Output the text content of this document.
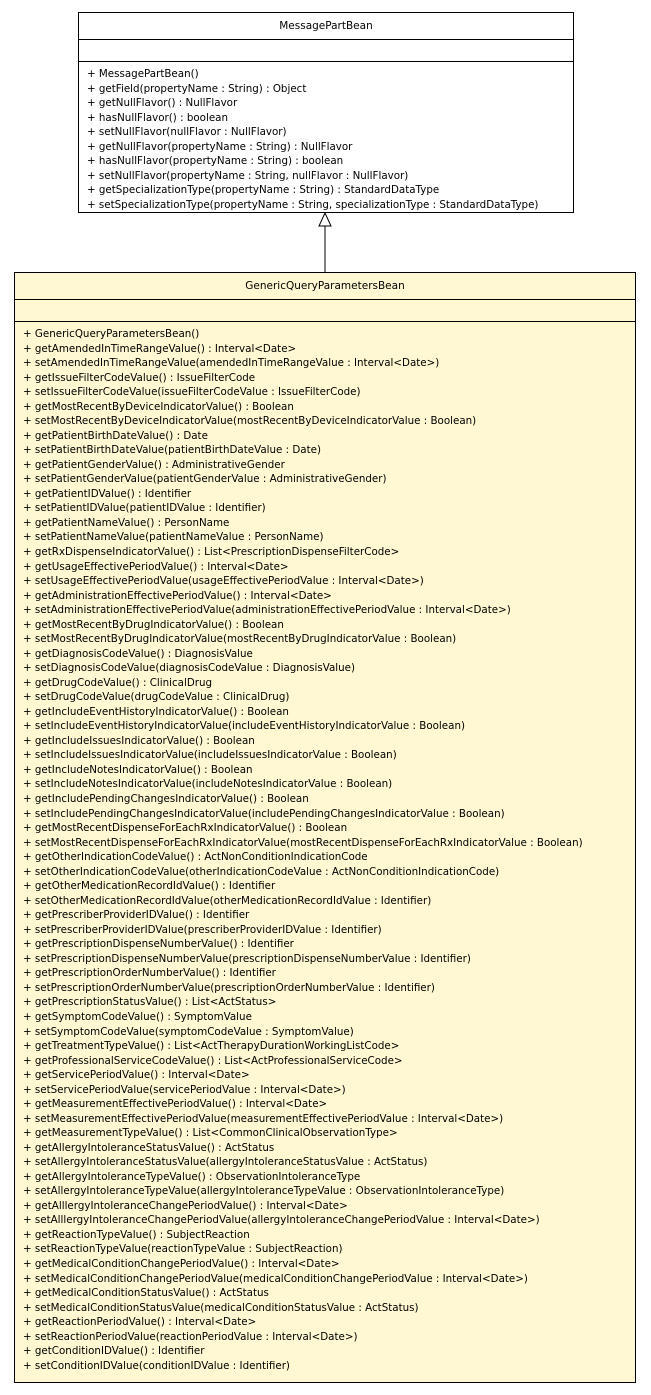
MessagePartBean
+ MessagePartBean()
+ getField(propertyName : String) : Object
+ getNullFlavor() : NullFlavor
+ hasNullFlavor() : boolean
+ setNullFlavor(nullFlavor : NullFlavor)
+ getNullFlavor(propertyName : String) : NullFlavor
+ hasNullFlavor(propertyName : String) : boolean
+ setNullFlavor(propertyName : String, nullFlavor : NullFlavor)
+ getSpecializationType(propertyName : String) : StandardDataType
+ setSpecializationType(propertyName : String, specializationType : StandardDataType)
GenericQueryParametersBean
+ GenericQueryParametersBean()
+ getAmendedInTimeRangeValue() : Interval<Date>
+ setAmendedInTimeRangeValue(amendedInTimeRangeValue : Interval<Date>)
+ getIssueFilterCodeValue() : IssueFilterCode
+ setIssueFilterCodeValue(issueFilterCodeValue : IssueFilterCode)
+ getMostRecentByDeviceIndicatorValue() : Boolean
+ setMostRecentByDeviceIndicatorValue(mostRecentByDeviceIndicatorValue : Boolean)
+ getPatientBirthDateValue() : Date
+ setPatientBirthDateValue(patientBirthDateValue : Date)
+ getPatientGenderValue() : AdministrativeGender
+ setPatientGenderValue(patientGenderValue : AdministrativeGender)
+ getPatientIDValue() : Identifier
+ setPatientIDValue(patientIDValue : Identifier)
+ getPatientNameValue() : PersonName
+ setPatientNameValue(patientNameValue : PersonName)
+ getRxDispenseIndicatorValue() : List<PrescriptionDispenseFilterCode>
+ getUsageEffectivePeriodValue() : Interval<Date>
+ setUsageEffectivePeriodValue(usageEffectivePeriodValue : Interval<Date>)
+ getAdministrationEffectivePeriodValue() : Interval<Date>
+ setAdministrationEffectivePeriodValue(administrationEffectivePeriodValue : Interval<Date>)
+ getMostRecentByDrugIndicatorValue() : Boolean
+ setMostRecentByDrugIndicatorValue(mostRecentByDrugIndicatorValue : Boolean)
+ getDiagnosisCodeValue() : DiagnosisValue
+ setDiagnosisCodeValue(diagnosisCodeValue : DiagnosisValue)
+ getDrugCodeValue() : ClinicalDrug
+ setDrugCodeValue(drugCodeValue : ClinicalDrug)
+ getIncludeEventHistoryIndicatorValue() : Boolean
+ setIncludeEventHistoryIndicatorValue(includeEventHistoryIndicatorValue : Boolean)
+ getIncludeIssuesIndicatorValue() : Boolean
+ setIncludeIssuesIndicatorValue(includeIssuesIndicatorValue : Boolean)
+ getIncludeNotesIndicatorValue() : Boolean
+ setIncludeNotesIndicatorValue(includeNotesIndicatorValue : Boolean)
+ getIncludePendingChangesIndicatorValue() : Boolean
+ setIncludePendingChangesIndicatorValue(includePendingChangesIndicatorValue : Boolean)
+ getMostRecentDispenseForEachRxIndicatorValue() : Boolean
+ setMostRecentDispenseForEachRxIndicatorValue(mostRecentDispenseForEachRxIndicatorValue : Boolean)
+ getOtherIndicationCodeValue() : ActNonConditionIndicationCode
+ setOtherIndicationCodeValue(otherIndicationCodeValue : ActNonConditionIndicationCode)
+ getOtherMedicationRecordIdValue() : Identifier
+ setOtherMedicationRecordIdValue(otherMedicationRecordIdValue : Identifier)
+ getPrescriberProviderIDValue() : Identifier
+ setPrescriberProviderIDValue(prescriberProviderIDValue : Identifier)
+ getPrescriptionDispenseNumberValue() : Identifier
+ setPrescriptionDispenseNumberValue(prescriptionDispenseNumberValue : Identifier)
+ getPrescriptionOrderNumberValue() : Identifier
+ setPrescriptionOrderNumberValue(prescriptionOrderNumberValue : Identifier)
+ getPrescriptionStatusValue() : List<ActStatus>
+ getSymptomCodeValue() : SymptomValue
+ setSymptomCodeValue(symptomCodeValue : SymptomValue)
+ getTreatmentTypeValue() : List<ActTherapyDurationWorkingListCode>
+ getProfessionalServiceCodeValue() : List<ActProfessionalServiceCode>
+ getServicePeriodValue() : Interval<Date>
+ setServicePeriodValue(servicePeriodValue : Interval<Date>)
+ getMeasurementEffectivePeriodValue() : Interval<Date>
+ setMeasurementEffectivePeriodValue(measurementEffectivePeriodValue : Interval<Date>)
+ getMeasurementTypeValue() : List<CommonClinicalObservationType>
+ getAllergyIntoleranceStatusValue() : ActStatus
+ setAllergyIntoleranceStatusValue(allergyIntoleranceStatusValue : ActStatus)
+ getAllergyIntoleranceTypeValue() : ObservationIntoleranceType
+ setAllergyIntoleranceTypeValue(allergyIntoleranceTypeValue : ObservationIntoleranceType)
+ getAlllergyIntoleranceChangePeriodValue() : Interval<Date>
+ setAlllergyIntoleranceChangePeriodValue(allergyIntoleranceChangePeriodValue : Interval<Date>)
+ getReactionTypeValue() : SubjectReaction
+ setReactionTypeValue(reactionTypeValue : SubjectReaction)
+ getMedicalConditionChangePeriodValue() : Interval<Date>
+ setMedicalConditionChangePeriodValue(medicalConditionChangePeriodValue : Interval<Date>)
+ getMedicalConditionStatusValue() : ActStatus
+ setMedicalConditionStatusValue(medicalConditionStatusValue : ActStatus)
+ getReactionPeriodValue() : Interval<Date>
+ setReactionPeriodValue(reactionPeriodValue : Interval<Date>)
+ getConditionIDValue() : Identifier
+ setConditionIDValue(conditionIDValue : Identifier)
